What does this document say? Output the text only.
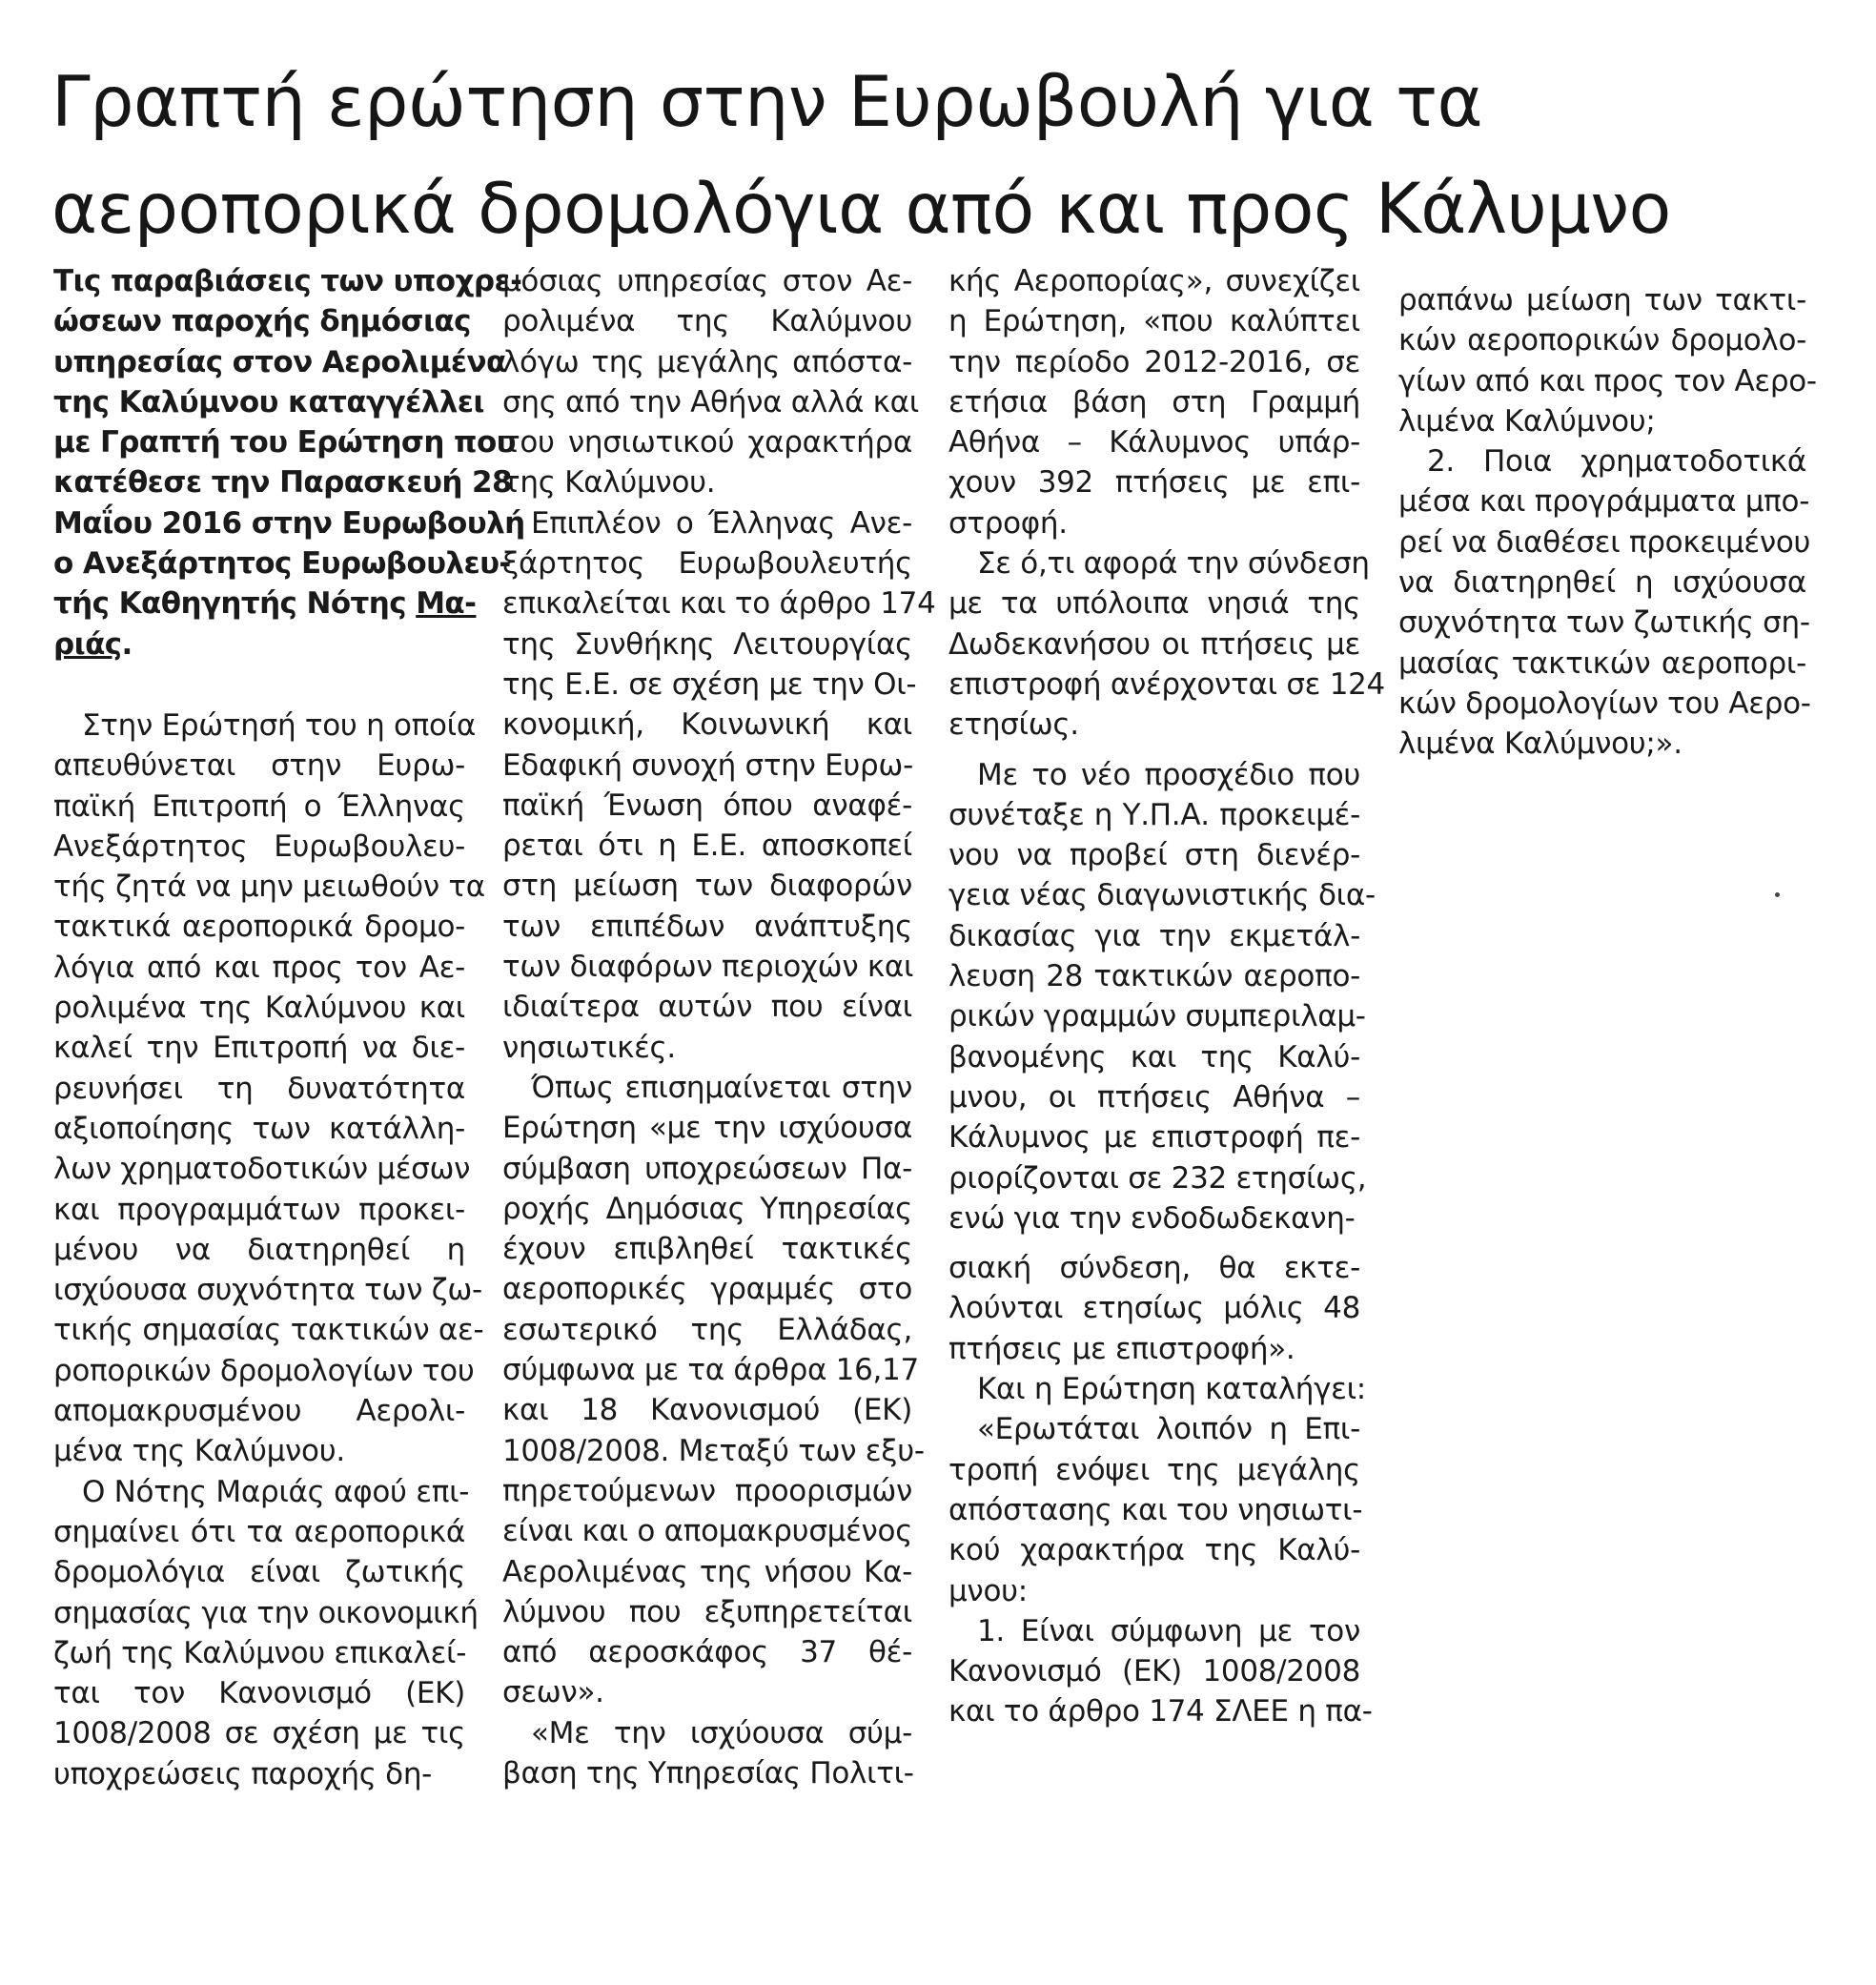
Γραπτή ερώτηση στην Ευρωβουλή για τα
αεροπορικά δρομολόγια από και προς Κάλυμνο

Τις παραβιάσεις των υποχρε-
ώσεων παροχής δημόσιας
υπηρεσίας στον Αερολιμένα
της Καλύμνου καταγγέλλει
με Γραπτή του Ερώτηση που
κατέθεσε την Παρασκευή 28
Μαΐου 2016 στην Ευρωβουλή
ο Ανεξάρτητος Ευρωβουλευ-
τής Καθηγητής Νότης Μα-
ριάς.

Στην Ερώτησή του η οποία
απευθύνεται στην Ευρω-
παϊκή Επιτροπή ο Έλληνας
Ανεξάρτητος Ευρωβουλευ-
τής ζητά να μην μειωθούν τα
τακτικά αεροπορικά δρομο-
λόγια από και προς τον Αε-
ρολιμένα της Καλύμνου και
καλεί την Επιτροπή να διε-
ρευνήσει τη δυνατότητα
αξιοποίησης των κατάλλη-
λων χρηματοδοτικών μέσων
και προγραμμάτων προκει-
μένου να διατηρηθεί η
ισχύουσα συχνότητα των ζω-
τικής σημασίας τακτικών αε-
ροπορικών δρομολογίων του
απομακρυσμένου Αερολι-
μένα της Καλύμνου.

Ο Νότης Μαριάς αφού επι-
σημαίνει ότι τα αεροπορικά
δρομολόγια είναι ζωτικής
σημασίας για την οικονομική
ζωή της Καλύμνου επικαλεί-
ται τον Κανονισμό (ΕΚ)
1008/2008 σε σχέση με τις
υποχρεώσεις παροχής δη-

μόσιας υπηρεσίας στον Αε-
ρολιμένα της Καλύμνου
λόγω της μεγάλης απόστα-
σης από την Αθήνα αλλά και
του νησιωτικού χαρακτήρα
της Καλύμνου.

Επιπλέον ο Έλληνας Ανε-
ξάρτητος Ευρωβουλευτής
επικαλείται και το άρθρο 174
της Συνθήκης Λειτουργίας
της Ε.Ε. σε σχέση με την Οι-
κονομική, Κοινωνική και
Εδαφική συνοχή στην Ευρω-
παϊκή Ένωση όπου αναφέ-
ρεται ότι η Ε.Ε. αποσκοπεί
στη μείωση των διαφορών
των επιπέδων ανάπτυξης
των διαφόρων περιοχών και
ιδιαίτερα αυτών που είναι
νησιωτικές.

Όπως επισημαίνεται στην
Ερώτηση «με την ισχύουσα
σύμβαση υποχρεώσεων Πα-
ροχής Δημόσιας Υπηρεσίας
έχουν επιβληθεί τακτικές
αεροπορικές γραμμές στο
εσωτερικό της Ελλάδας,
σύμφωνα με τα άρθρα 16,17
και 18 Κανονισμού (ΕΚ)
1008/2008. Μεταξύ των εξυ-
πηρετούμενων προορισμών
είναι και ο απομακρυσμένος
Αερολιμένας της νήσου Κα-
λύμνου που εξυπηρετείται
από αεροσκάφος 37 θέ-
σεων».

«Με την ισχύουσα σύμ-
βαση της Υπηρεσίας Πολιτι-

κής Αεροπορίας», συνεχίζει
η Ερώτηση, «που καλύπτει
την περίοδο 2012-2016, σε
ετήσια βάση στη Γραμμή
Αθήνα – Κάλυμνος υπάρ-
χουν 392 πτήσεις με επι-
στροφή.

Σε ό,τι αφορά την σύνδεση
με τα υπόλοιπα νησιά της
Δωδεκανήσου οι πτήσεις με
επιστροφή ανέρχονται σε 124
ετησίως.

Με το νέο προσχέδιο που
συνέταξε η Υ.Π.Α. προκειμέ-
νου να προβεί στη διενέρ-
γεια νέας διαγωνιστικής δια-
δικασίας για την εκμετάλ-
λευση 28 τακτικών αεροπο-
ρικών γραμμών συμπεριλαμ-
βανομένης και της Καλύ-
μνου, οι πτήσεις Αθήνα –
Κάλυμνος με επιστροφή πε-
ριορίζονται σε 232 ετησίως,
ενώ για την ενδοδωδεκανη-

σιακή σύνδεση, θα εκτε-
λούνται ετησίως μόλις 48
πτήσεις με επιστροφή».

Και η Ερώτηση καταλήγει:

«Ερωτάται λοιπόν η Επι-
τροπή ενόψει της μεγάλης
απόστασης και του νησιωτι-
κού χαρακτήρα της Καλύ-
μνου:

1. Είναι σύμφωνη με τον
Κανονισμό (ΕΚ) 1008/2008
και το άρθρο 174 ΣΛΕΕ η πα-

ραπάνω μείωση των τακτι-
κών αεροπορικών δρομολο-
γίων από και προς τον Αερο-
λιμένα Καλύμνου;

2. Ποια χρηματοδοτικά
μέσα και προγράμματα μπο-
ρεί να διαθέσει προκειμένου
να διατηρηθεί η ισχύουσα
συχνότητα των ζωτικής ση-
μασίας τακτικών αεροπορι-
κών δρομολογίων του Αερο-
λιμένα Καλύμνου;».
